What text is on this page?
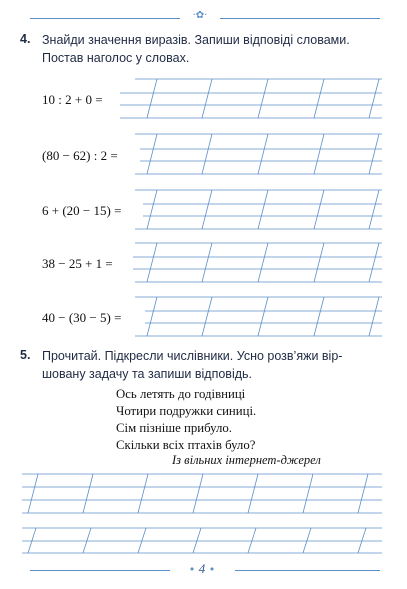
·✿·
4. Знайди значення виразів. Запиши відповіді словами.
Постав наголос у словах.
10 : 2 + 0 =
(80 − 62) : 2 =
6 + (20 − 15) =
38 − 25 + 1 =
40 − (30 − 5) =
5. Прочитай. Підкресли числівники. Усно розв’яжи вір-
шовану задачу та запиши відповідь.
Ось летять до годівниці
Чотири подружки синиці.
Сім пізніше прибуло.
Скільки всіх птахів було?
Із вільних інтернет-джерел
• 4 •
